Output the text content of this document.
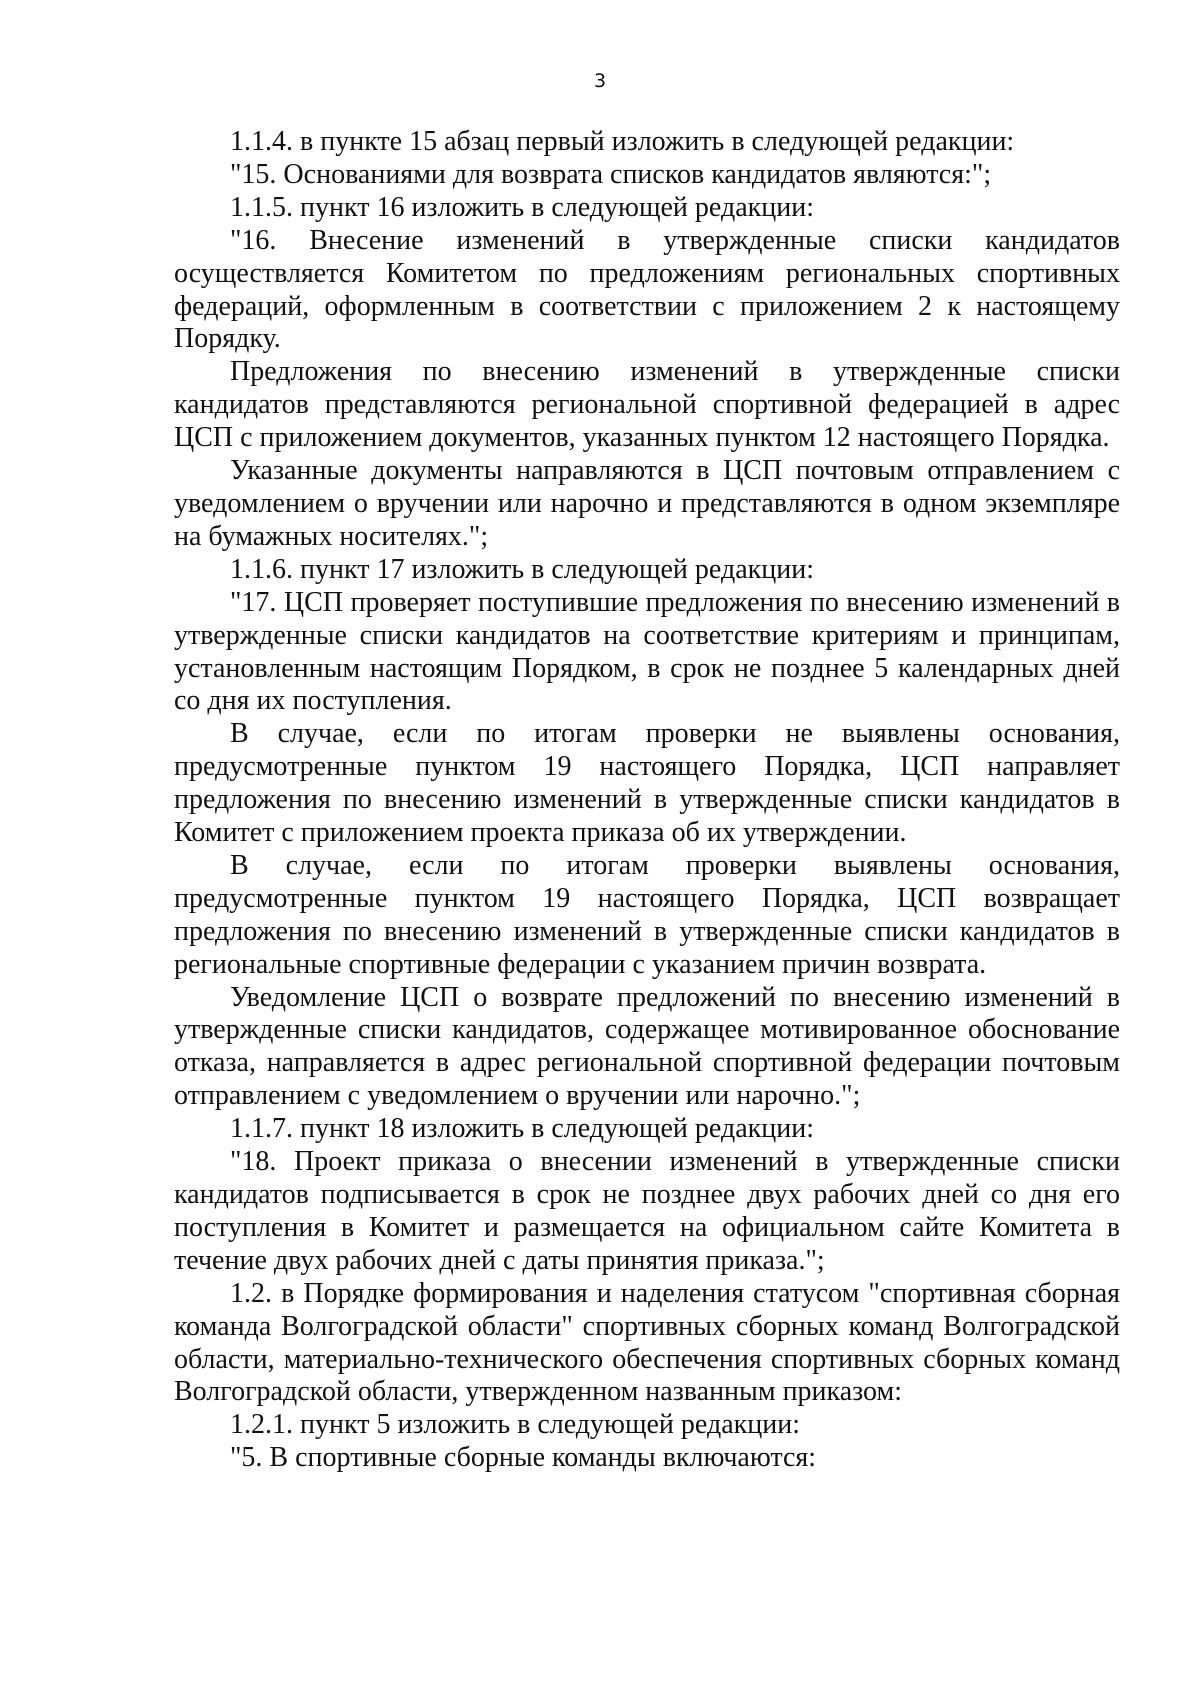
3

1.1.4. в пункте 15 абзац первый изложить в следующей редакции:

"15. Основаниями для возврата списков кандидатов являются:";

1.1.5. пункт 16 изложить в следующей редакции:

"16. Внесение изменений в утвержденные списки кандидатов осуществляется Комитетом по предложениям региональных спортивных федераций, оформленным в соответствии с приложением 2 к настоящему Порядку.

Предложения по внесению изменений в утвержденные списки кандидатов представляются региональной спортивной федерацией в адрес ЦСП с приложением документов, указанных пунктом 12 настоящего Порядка.

Указанные документы направляются в ЦСП почтовым отправлением с уведомлением о вручении или нарочно и представляются в одном экземпляре на бумажных носителях.";

1.1.6. пункт 17 изложить в следующей редакции:

"17. ЦСП проверяет поступившие предложения по внесению изменений в утвержденные списки кандидатов на соответствие критериям и принципам, установленным настоящим Порядком, в срок не позднее 5 календарных дней со дня их поступления.

В случае, если по итогам проверки не выявлены основания, предусмотренные пунктом 19 настоящего Порядка, ЦСП направляет предложения по внесению изменений в утвержденные списки кандидатов в Комитет с приложением проекта приказа об их утверждении.

В случае, если по итогам проверки выявлены основания, предусмотренные пунктом 19 настоящего Порядка, ЦСП возвращает предложения по внесению изменений в утвержденные списки кандидатов в региональные спортивные федерации с указанием причин возврата.

Уведомление ЦСП о возврате предложений по внесению изменений в утвержденные списки кандидатов, содержащее мотивированное обоснование отказа, направляется в адрес региональной спортивной федерации почтовым отправлением с уведомлением о вручении или нарочно.";

1.1.7. пункт 18 изложить в следующей редакции:

"18. Проект приказа о внесении изменений в утвержденные списки кандидатов подписывается в срок не позднее двух рабочих дней со дня его поступления в Комитет и размещается на официальном сайте Комитета в течение двух рабочих дней с даты принятия приказа.";

1.2. в Порядке формирования и наделения статусом "спортивная сборная команда Волгоградской области" спортивных сборных команд Волгоградской области, материально-технического обеспечения спортивных сборных команд Волгоградской области, утвержденном названным приказом:

1.2.1. пункт 5 изложить в следующей редакции:

"5. В спортивные сборные команды включаются:
